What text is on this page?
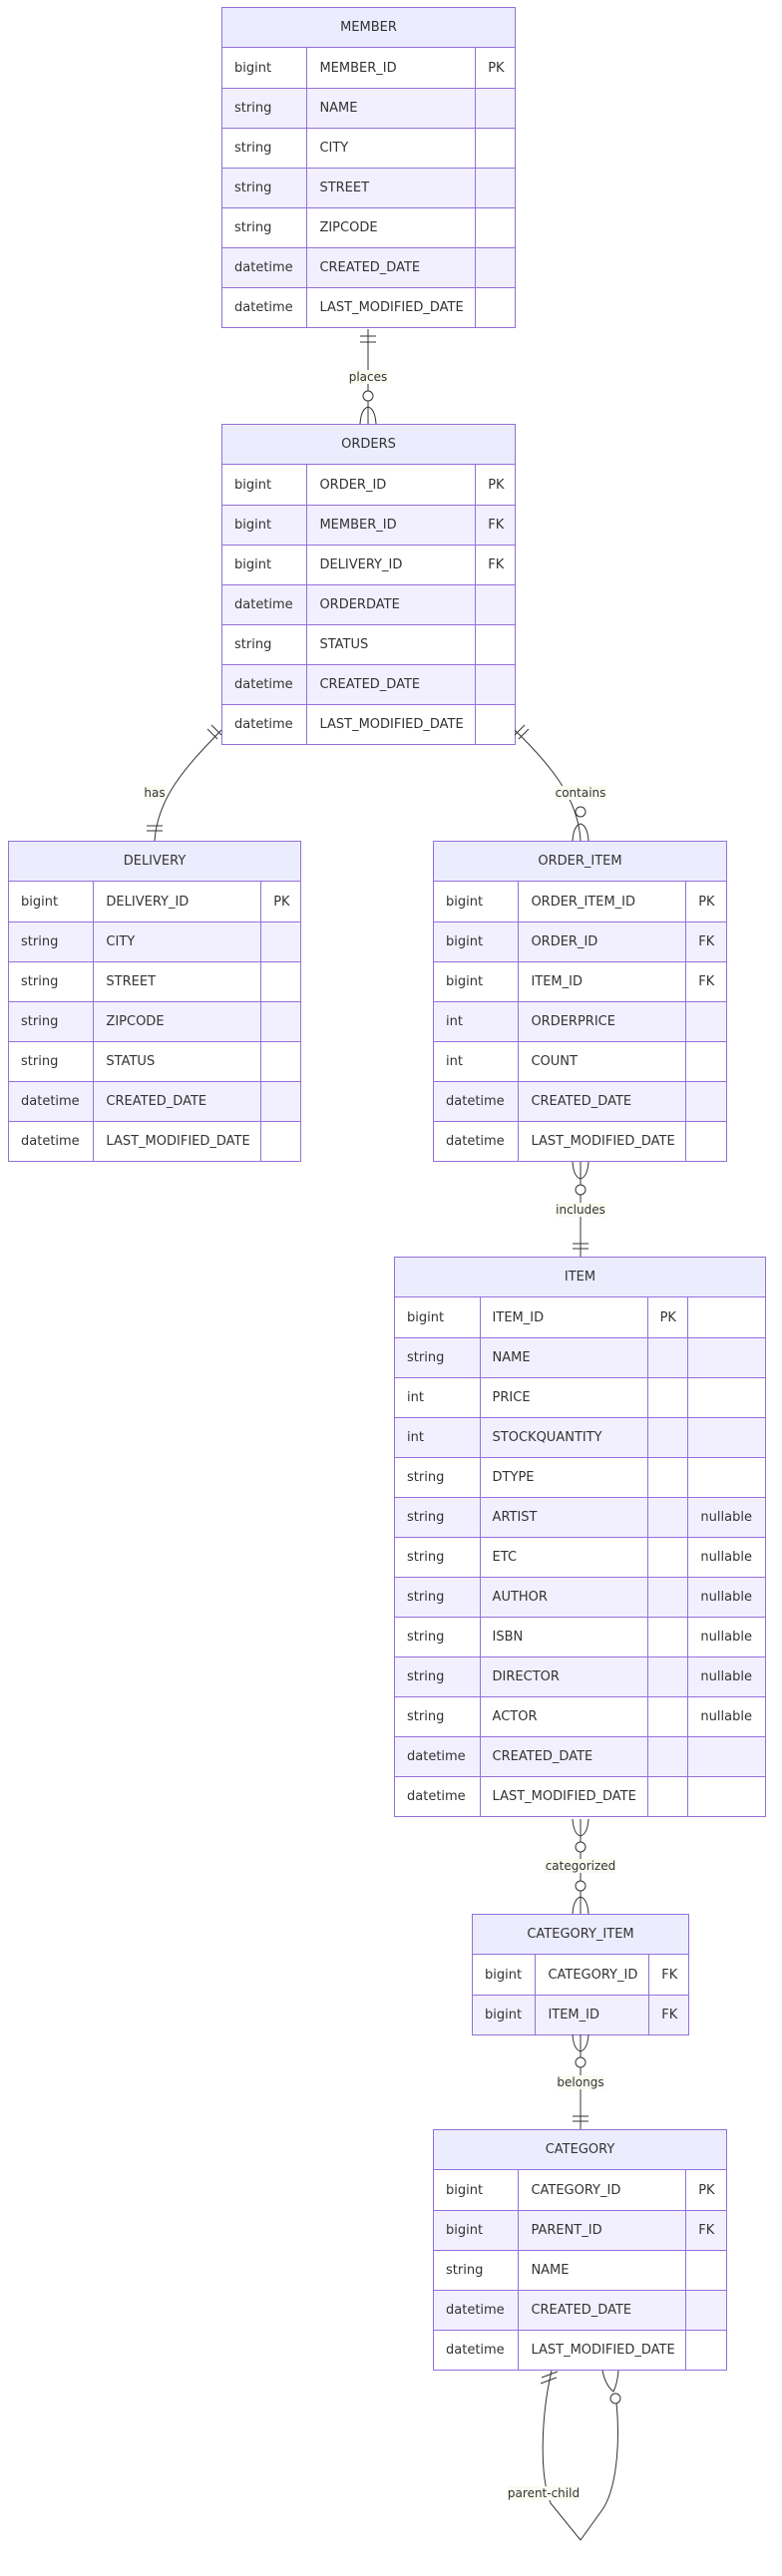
MEMBER
bigint	MEMBER_ID	PK
string	NAME
string	CITY
string	STREET
string	ZIPCODE
datetime	CREATED_DATE
datetime	LAST_MODIFIED_DATE
ORDERS
bigint	ORDER_ID	PK
bigint	MEMBER_ID	FK
bigint	DELIVERY_ID	FK
datetime	ORDERDATE
string	STATUS
datetime	CREATED_DATE
datetime	LAST_MODIFIED_DATE
DELIVERY
bigint	DELIVERY_ID	PK
string	CITY
string	STREET
string	ZIPCODE
string	STATUS
datetime	CREATED_DATE
datetime	LAST_MODIFIED_DATE
ORDER_ITEM
bigint	ORDER_ITEM_ID	PK
bigint	ORDER_ID	FK
bigint	ITEM_ID	FK
int	ORDERPRICE
int	COUNT
datetime	CREATED_DATE
datetime	LAST_MODIFIED_DATE
ITEM
bigint	ITEM_ID	PK
string	NAME
int	PRICE
int	STOCKQUANTITY
string	DTYPE
string	ARTIST	nullable
string	ETC	nullable
string	AUTHOR	nullable
string	ISBN	nullable
string	DIRECTOR	nullable
string	ACTOR	nullable
datetime	CREATED_DATE
datetime	LAST_MODIFIED_DATE
CATEGORY_ITEM
bigint	CATEGORY_ID	FK
bigint	ITEM_ID	FK
CATEGORY
bigint	CATEGORY_ID	PK
bigint	PARENT_ID	FK
string	NAME
datetime	CREATED_DATE
datetime	LAST_MODIFIED_DATE
places
has	contains
includes
categorized
belongs
parent-child
